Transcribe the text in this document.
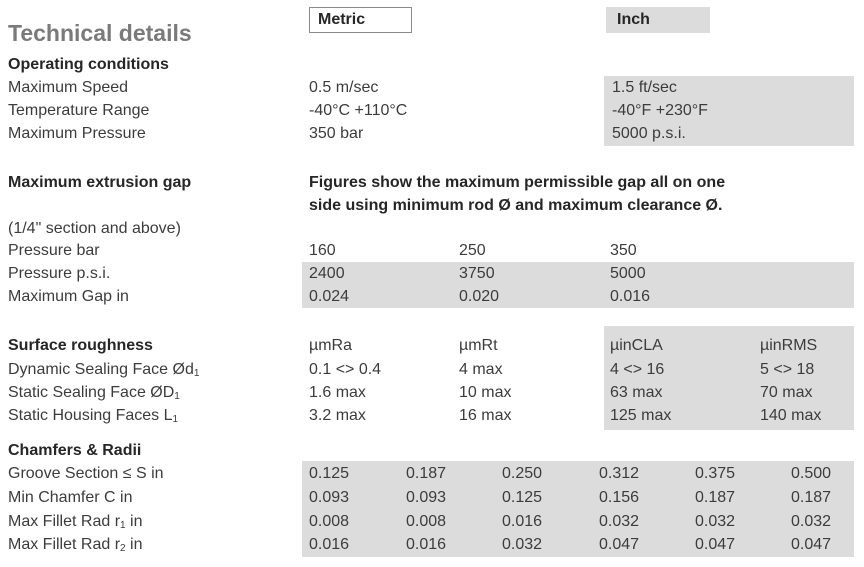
Technical details
Metric	Inch
Operating conditions
Maximum Speed	0.5 m/sec	1.5 ft/sec
Temperature Range	-40°C +110°C	-40°F +230°F
Maximum Pressure	350 bar	5000 p.s.i.
Maximum extrusion gap	Figures show the maximum permissible gap all on one
side using minimum rod Ø and maximum clearance Ø.
(1/4" section and above)
Pressure bar	160	250	350
Pressure p.s.i.	2400	3750	5000
Maximum Gap in	0.024	0.020	0.016
Surface roughness	µmRa	µmRt	µinCLA	µinRMS
Dynamic Sealing Face $Ød_1$	0.1 <> 0.4	4 max	4 <> 16	5 <> 18
Static Sealing Face $ØD_1$	1.6 max	10 max	63 max	70 max
Static Housing Faces $L_1$	3.2 max	16 max	125 max	140 max
Chamfers & Radii
Groove Section ≤ S in	0.125	0.187	0.250	0.312	0.375	0.500
Min Chamfer C in	0.093	0.093	0.125	0.156	0.187	0.187
Max Fillet Rad $r_1$ in	0.008	0.008	0.016	0.032	0.032	0.032
Max Fillet Rad $r_2$ in	0.016	0.016	0.032	0.047	0.047	0.047
